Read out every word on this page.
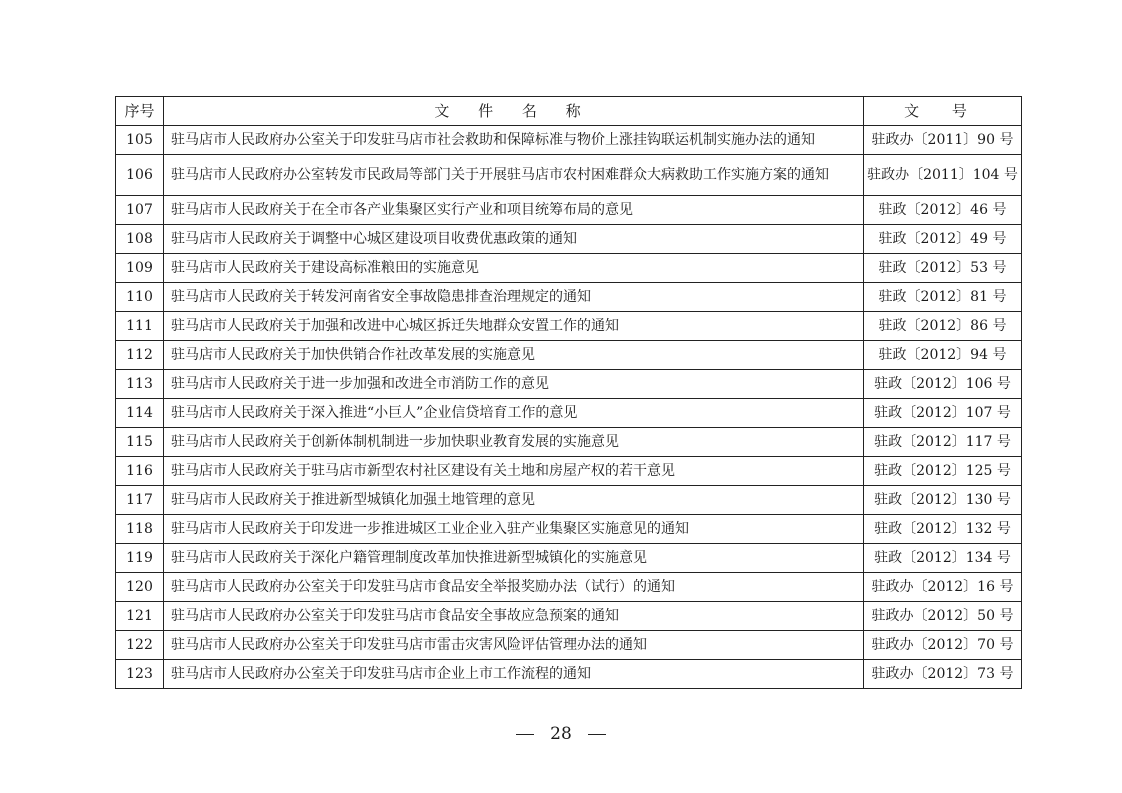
序号	文 件 名 称	文 号
105	驻马店市人民政府办公室关于印发驻马店市社会救助和保障标准与物价上涨挂钩联运机制实施办法的通知	驻政办〔2011〕90 号
106	驻马店市人民政府办公室转发市民政局等部门关于开展驻马店市农村困难群众大病救助工作实施方案的通知	驻政办〔2011〕104 号
107	驻马店市人民政府关于在全市各产业集聚区实行产业和项目统筹布局的意见	驻政〔2012〕46 号
108	驻马店市人民政府关于调整中心城区建设项目收费优惠政策的通知	驻政〔2012〕49 号
109	驻马店市人民政府关于建设高标准粮田的实施意见	驻政〔2012〕53 号
110	驻马店市人民政府关于转发河南省安全事故隐患排查治理规定的通知	驻政〔2012〕81 号
111	驻马店市人民政府关于加强和改进中心城区拆迁失地群众安置工作的通知	驻政〔2012〕86 号
112	驻马店市人民政府关于加快供销合作社改革发展的实施意见	驻政〔2012〕94 号
113	驻马店市人民政府关于进一步加强和改进全市消防工作的意见	驻政〔2012〕106 号
114	驻马店市人民政府关于深入推进“小巨人”企业信贷培育工作的意见	驻政〔2012〕107 号
115	驻马店市人民政府关于创新体制机制进一步加快职业教育发展的实施意见	驻政〔2012〕117 号
116	驻马店市人民政府关于驻马店市新型农村社区建设有关土地和房屋产权的若干意见	驻政〔2012〕125 号
117	驻马店市人民政府关于推进新型城镇化加强土地管理的意见	驻政〔2012〕130 号
118	驻马店市人民政府关于印发进一步推进城区工业企业入驻产业集聚区实施意见的通知	驻政〔2012〕132 号
119	驻马店市人民政府关于深化户籍管理制度改革加快推进新型城镇化的实施意见	驻政〔2012〕134 号
120	驻马店市人民政府办公室关于印发驻马店市食品安全举报奖励办法（试行）的通知	驻政办〔2012〕16 号
121	驻马店市人民政府办公室关于印发驻马店市食品安全事故应急预案的通知	驻政办〔2012〕50 号
122	驻马店市人民政府办公室关于印发驻马店市雷击灾害风险评估管理办法的通知	驻政办〔2012〕70 号
123	驻马店市人民政府办公室关于印发驻马店市企业上市工作流程的通知	驻政办〔2012〕73 号
28
